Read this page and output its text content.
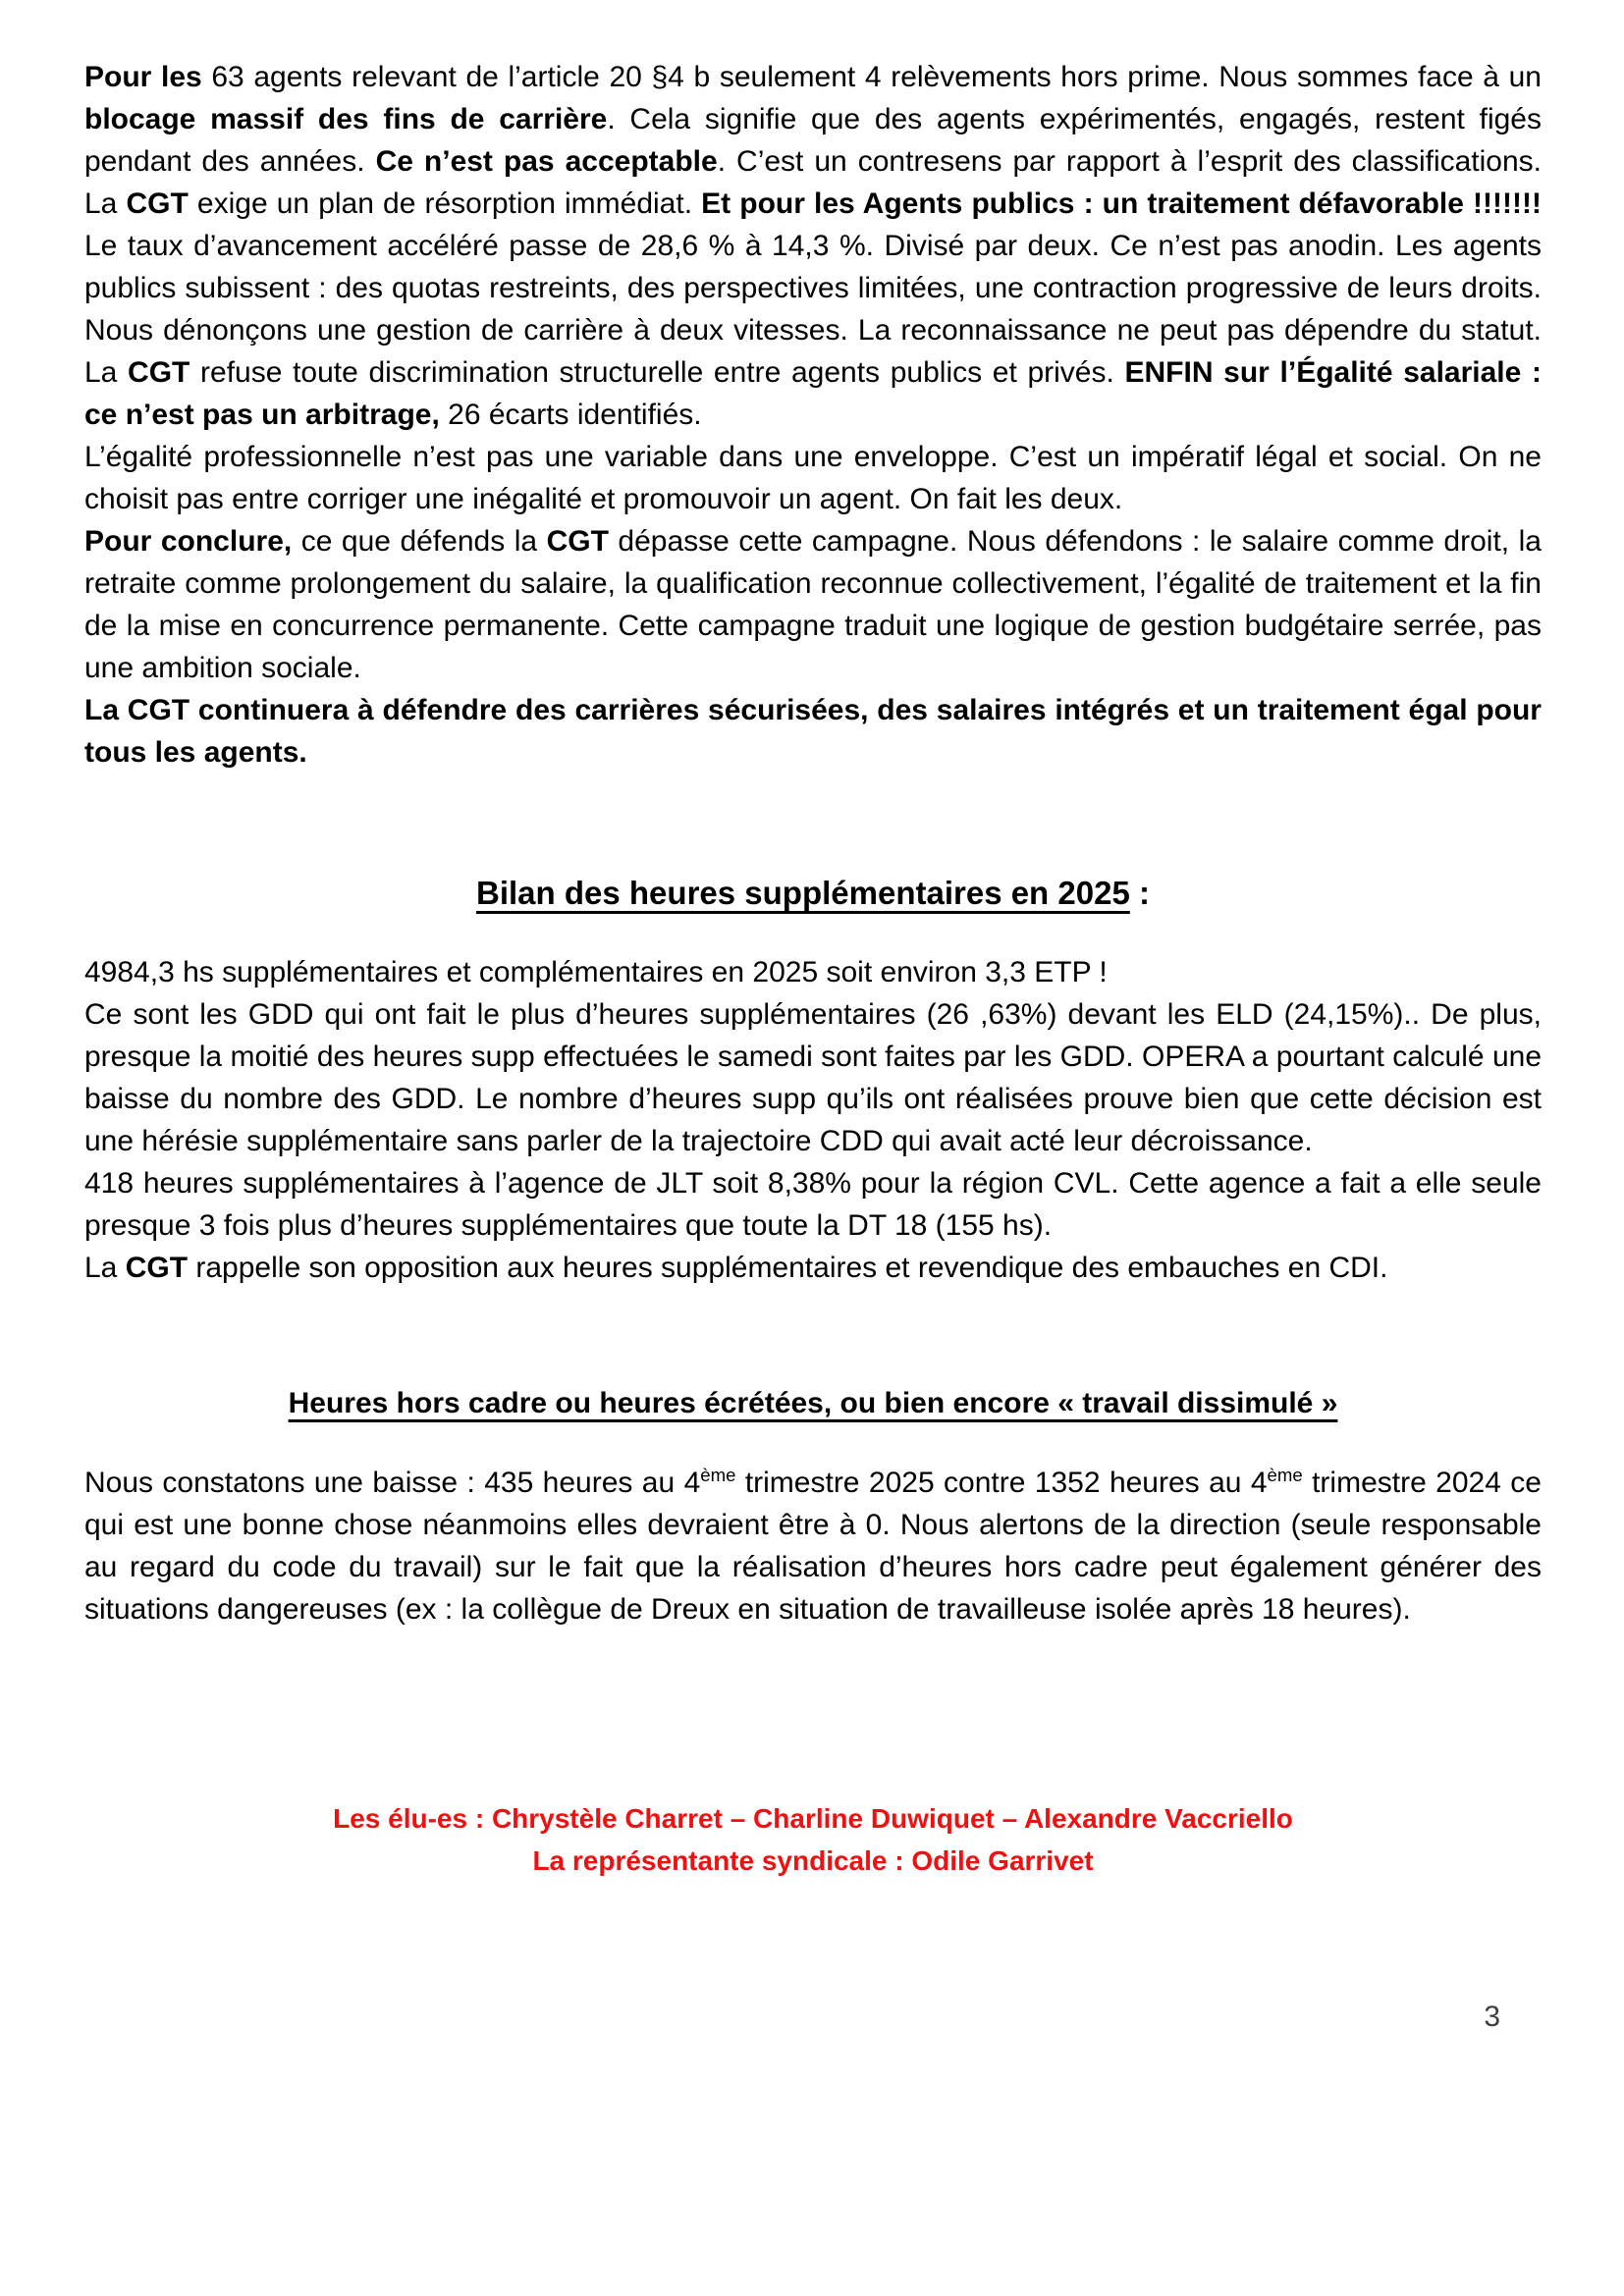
Pour les 63 agents relevant de l’article 20 §4 b seulement 4 relèvements hors prime. Nous sommes face à un blocage massif des fins de carrière. Cela signifie que des agents expérimentés, engagés, restent figés pendant des années. Ce n’est pas acceptable. C’est un contresens par rapport à l’esprit des classifications. La CGT exige un plan de résorption immédiat. Et pour les Agents publics : un traitement défavorable !!!!!!! Le taux d’avancement accéléré passe de 28,6 % à 14,3 %. Divisé par deux. Ce n’est pas anodin. Les agents publics subissent : des quotas restreints, des perspectives limitées, une contraction progressive de leurs droits. Nous dénonçons une gestion de carrière à deux vitesses. La reconnaissance ne peut pas dépendre du statut. La CGT refuse toute discrimination structurelle entre agents publics et privés. ENFIN sur l’Égalité salariale : ce n’est pas un arbitrage, 26 écarts identifiés.

L’égalité professionnelle n’est pas une variable dans une enveloppe. C’est un impératif légal et social. On ne choisit pas entre corriger une inégalité et promouvoir un agent. On fait les deux.

Pour conclure, ce que défends la CGT dépasse cette campagne. Nous défendons : le salaire comme droit, la retraite comme prolongement du salaire, la qualification reconnue collectivement, l’égalité de traitement et la fin de la mise en concurrence permanente. Cette campagne traduit une logique de gestion budgétaire serrée, pas une ambition sociale.

La CGT continuera à défendre des carrières sécurisées, des salaires intégrés et un traitement égal pour tous les agents.

Bilan des heures supplémentaires en 2025 :

4984,3 hs supplémentaires et complémentaires en 2025 soit environ 3,3 ETP !

Ce sont les GDD qui ont fait le plus d’heures supplémentaires (26 ,63%) devant les ELD (24,15%).. De plus, presque la moitié des heures supp effectuées le samedi sont faites par les GDD. OPERA a pourtant calculé une baisse du nombre des GDD. Le nombre d’heures supp qu’ils ont réalisées prouve bien que cette décision est une hérésie supplémentaire sans parler de la trajectoire CDD qui avait acté leur décroissance.

418 heures supplémentaires à l’agence de JLT soit 8,38% pour la région CVL. Cette agence a fait a elle seule presque 3 fois plus d’heures supplémentaires que toute la DT 18 (155 hs).

La CGT rappelle son opposition aux heures supplémentaires et revendique des embauches en CDI.

Heures hors cadre ou heures écrétées, ou bien encore « travail dissimulé »

Nous constatons une baisse : 435 heures au 4ème trimestre 2025 contre 1352 heures au 4ème trimestre 2024 ce qui est une bonne chose néanmoins elles devraient être à 0. Nous alertons de la direction (seule responsable au regard du code du travail) sur le fait que la réalisation d’heures hors cadre peut également générer des situations dangereuses (ex : la collègue de Dreux en situation de travailleuse isolée après 18 heures).

Les élu-es : Chrystèle Charret – Charline Duwiquet – Alexandre Vaccriello

La représentante syndicale : Odile Garrivet

3
